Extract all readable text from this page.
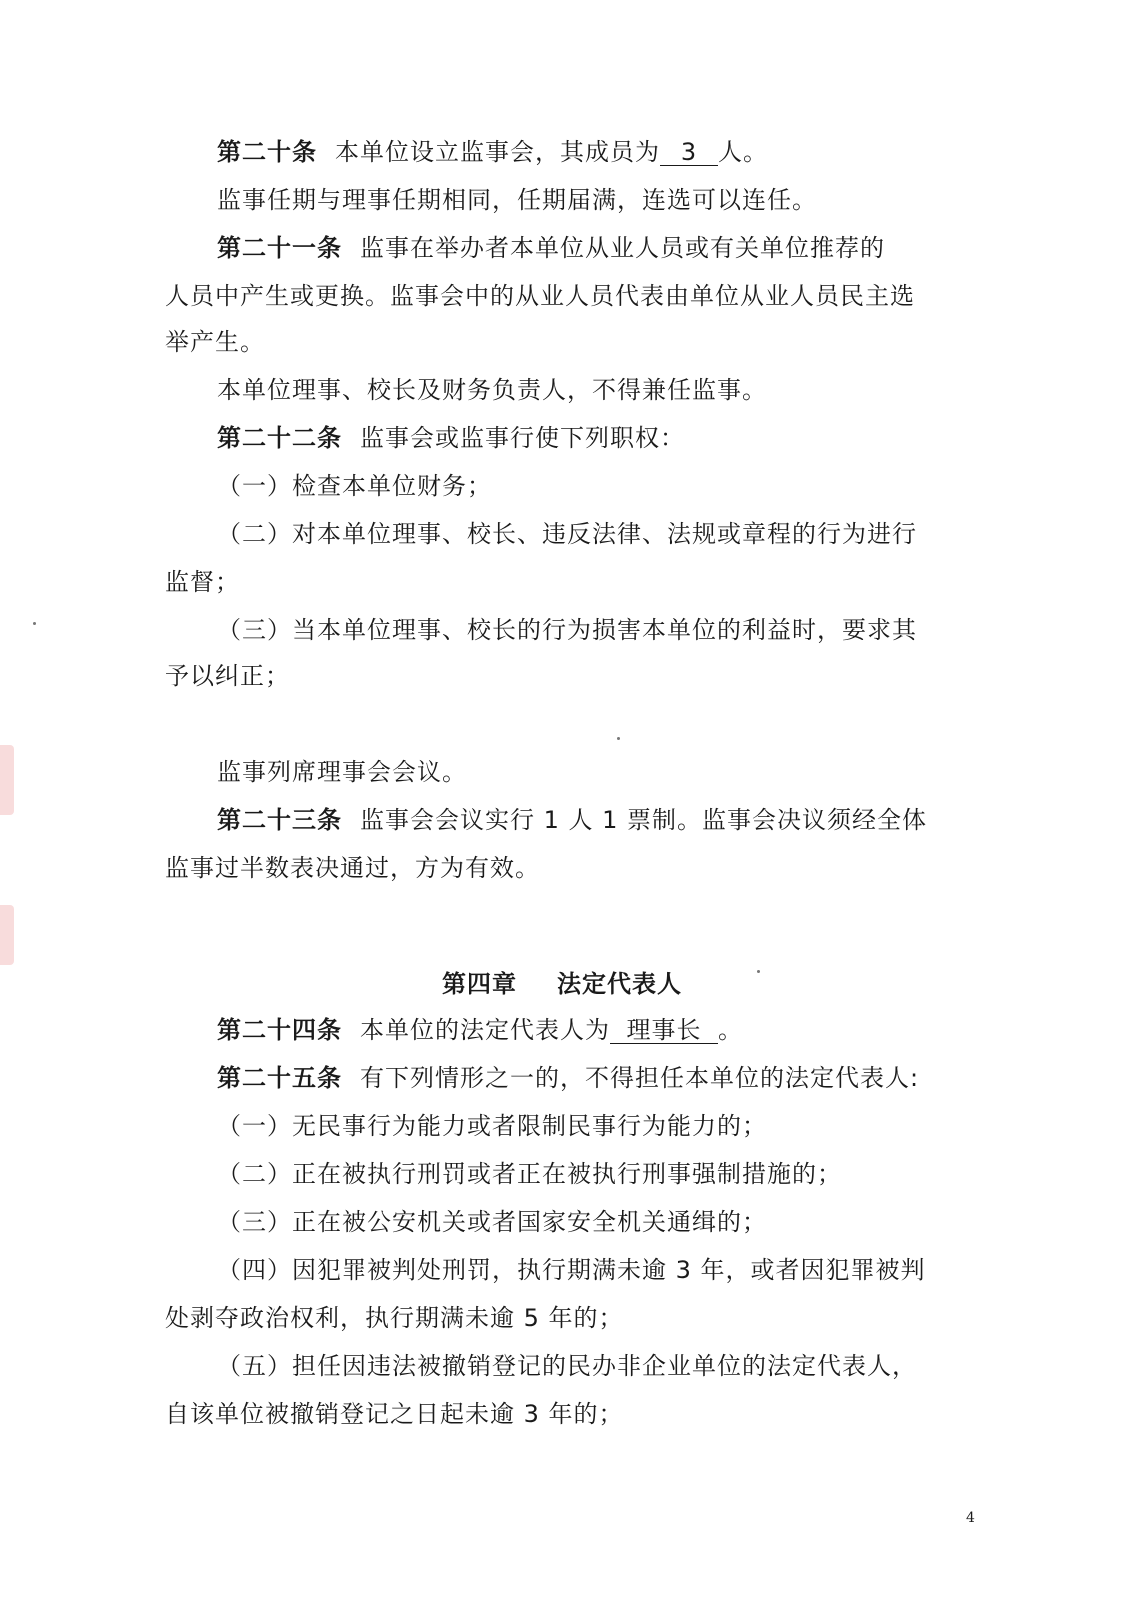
第二十条 本单位设立监事会，其成员为 3 人。
监事任期与理事任期相同，任期届满，连选可以连任。
第二十一条 监事在举办者本单位从业人员或有关单位推荐的
人员中产生或更换。监事会中的从业人员代表由单位从业人员民主选
举产生。
本单位理事、校长及财务负责人，不得兼任监事。
第二十二条 监事会或监事行使下列职权：
（一）检查本单位财务；
（二）对本单位理事、校长、违反法律、法规或章程的行为进行
监督；
（三）当本单位理事、校长的行为损害本单位的利益时，要求其
予以纠正；
监事列席理事会会议。
第二十三条 监事会会议实行 1 人 1 票制。监事会决议须经全体
监事过半数表决通过，方为有效。
第四章 法定代表人
第二十四条 本单位的法定代表人为 理事长 。
第二十五条 有下列情形之一的，不得担任本单位的法定代表人:
（一）无民事行为能力或者限制民事行为能力的；
（二）正在被执行刑罚或者正在被执行刑事强制措施的；
（三）正在被公安机关或者国家安全机关通缉的；
（四）因犯罪被判处刑罚，执行期满未逾 3 年，或者因犯罪被判
处剥夺政治权利，执行期满未逾 5 年的；
（五）担任因违法被撤销登记的民办非企业单位的法定代表人，
自该单位被撤销登记之日起未逾 3 年的；
4
